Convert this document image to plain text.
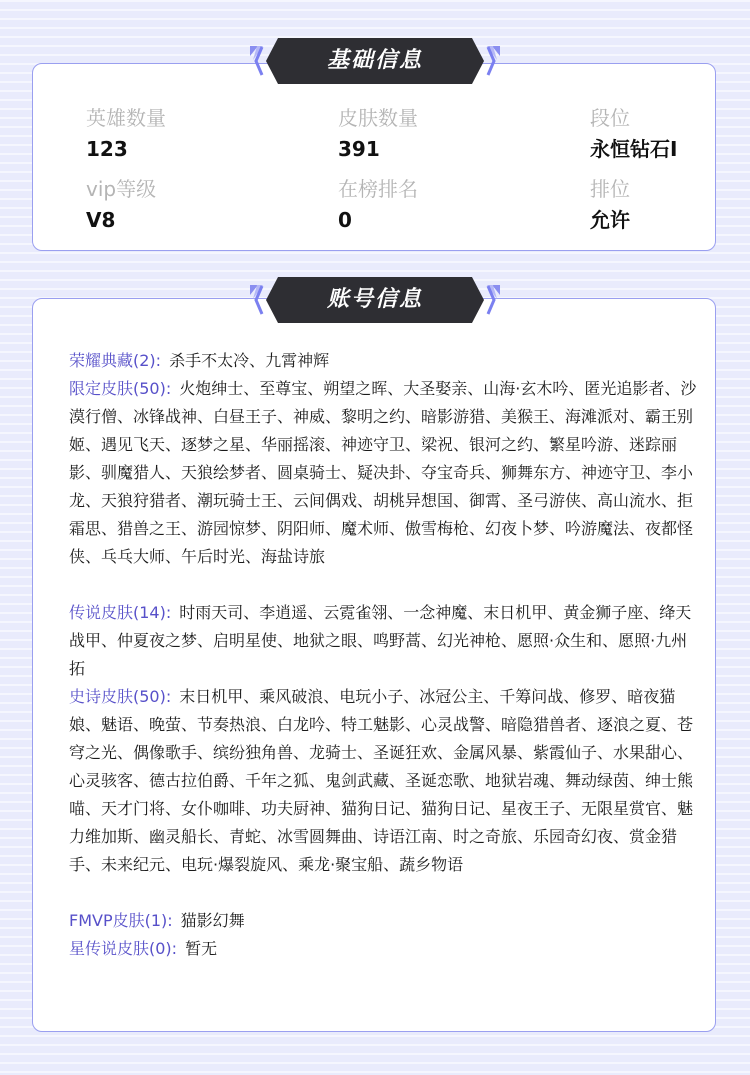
英雄数量
123
皮肤数量
391
段位
永恒钻石I
vip等级
V8
在榜排名
0
排位
允许
荣耀典藏(2): 杀手不太冷、九霄神辉
限定皮肤(50): 火炮绅士、至尊宝、朔望之晖、大圣娶亲、山海·玄木吟、匿光追影者、沙漠行僧、冰锋战神、白昼王子、神威、黎明之约、暗影游猎、美猴王、海滩派对、霸王别姬、遇见飞天、逐梦之星、华丽摇滚、神迹守卫、梁祝、银河之约、繁星吟游、迷踪丽影、驯魔猎人、天狼绘梦者、圆桌骑士、疑决卦、夺宝奇兵、狮舞东方、神迹守卫、李小龙、天狼狩猎者、潮玩骑士王、云间偶戏、胡桃异想国、御霄、圣弓游侠、高山流水、拒霜思、猎兽之王、游园惊梦、阴阳师、魔术师、傲雪梅枪、幻夜卜梦、吟游魔法、夜都怪侠、乓乓大师、午后时光、海盐诗旅
传说皮肤(14): 时雨天司、李逍遥、云霓雀翎、一念神魔、末日机甲、黄金狮子座、绛天战甲、仲夏夜之梦、启明星使、地狱之眼、鸣野蒿、幻光神枪、愿照·众生和、愿照·九州拓
史诗皮肤(50): 末日机甲、乘风破浪、电玩小子、冰冠公主、千筹问战、修罗、暗夜猫娘、魅语、晚萤、节奏热浪、白龙吟、特工魅影、心灵战警、暗隐猎兽者、逐浪之夏、苍穹之光、偶像歌手、缤纷独角兽、龙骑士、圣诞狂欢、金属风暴、紫霞仙子、水果甜心、心灵骇客、德古拉伯爵、千年之狐、鬼剑武藏、圣诞恋歌、地狱岩魂、舞动绿茵、绅士熊喵、天才门将、女仆咖啡、功夫厨神、猫狗日记、猫狗日记、星夜王子、无限星赏官、魅力维加斯、幽灵船长、青蛇、冰雪圆舞曲、诗语江南、时之奇旅、乐园奇幻夜、赏金猎手、未来纪元、电玩·爆裂旋风、乘龙·聚宝船、蔬乡物语
FMVP皮肤(1): 猫影幻舞
星传说皮肤(0): 暂无
基础信息
账号信息
